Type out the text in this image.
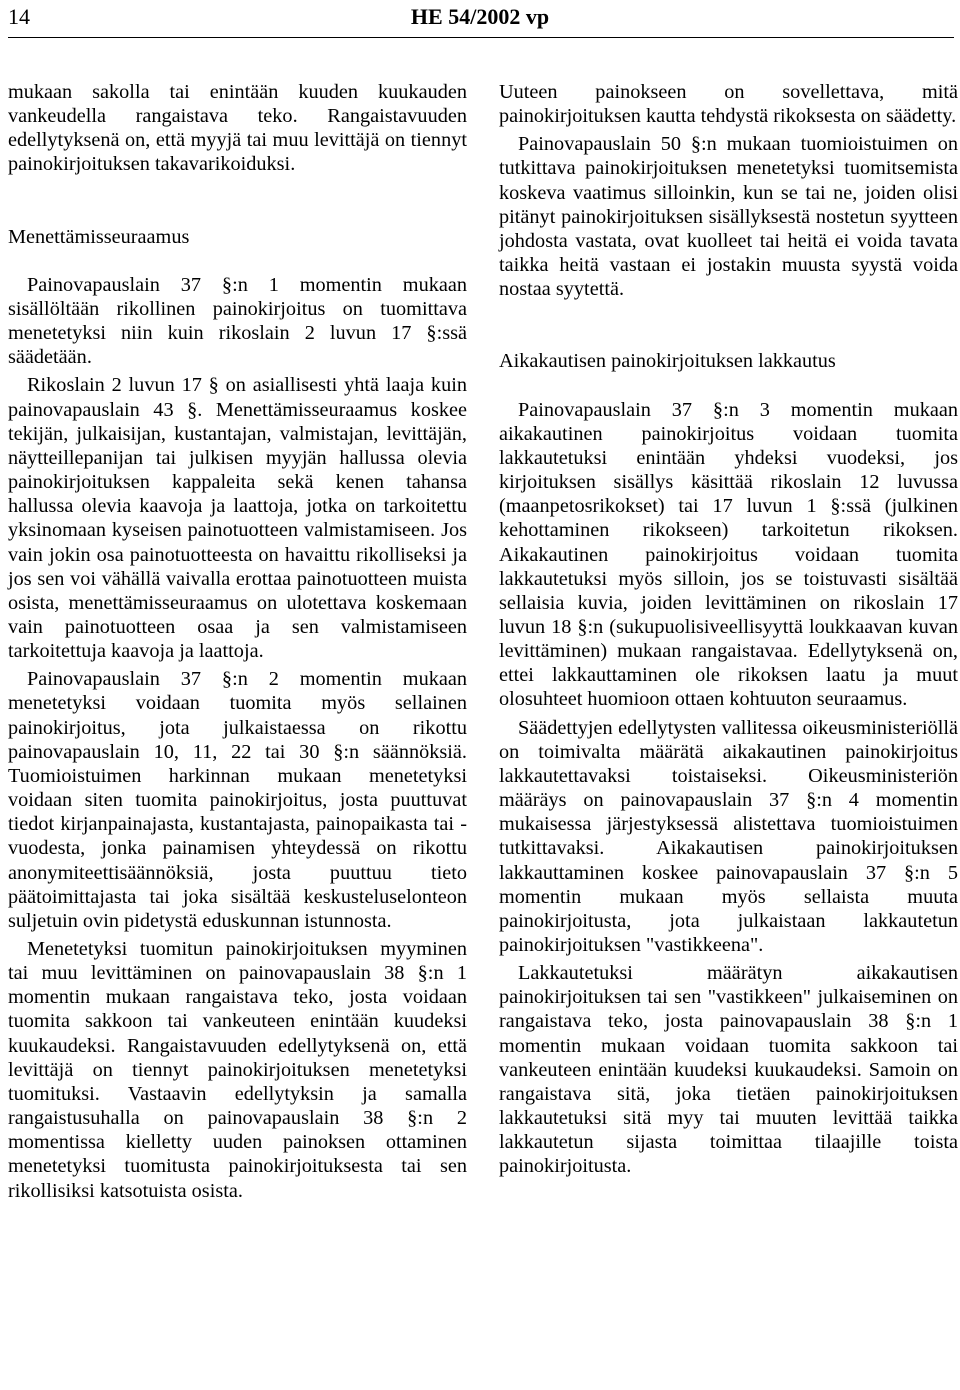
14	HE 54/2002 vp

mukaan sakolla tai enintään kuuden kuukauden vankeudella rangaistava teko. Rangaistavuuden edellytyksenä on, että myyjä tai muu levittäjä on tiennyt painokirjoituksen takavarikoiduksi.

Menettämisseuraamus

Painovapauslain 37 §:n 1 momentin mukaan sisällöltään rikollinen painokirjoitus on tuomittava menetetyksi niin kuin rikoslain 2 luvun 17 §:ssä säädetään.

Rikoslain 2 luvun 17 § on asiallisesti yhtä laaja kuin painovapauslain 43 §. Menettämisseuraamus koskee tekijän, julkaisijan, kustantajan, valmistajan, levittäjän, näytteillepanijan tai julkisen myyjän hallussa olevia painokirjoituksen kappaleita sekä kenen tahansa hallussa olevia kaavoja ja laattoja, jotka on tarkoitettu yksinomaan kyseisen painotuotteen valmistamiseen. Jos vain jokin osa painotuotteesta on havaittu rikolliseksi ja jos sen voi vähällä vaivalla erottaa painotuotteen muista osista, menettämisseuraamus on ulotettava koskemaan vain painotuotteen osaa ja sen valmistamiseen tarkoitettuja kaavoja ja laattoja.

Painovapauslain 37 §:n 2 momentin mukaan menetetyksi voidaan tuomita myös sellainen painokirjoitus, jota julkaistaessa on rikottu painovapauslain 10, 11, 22 tai 30 §:n säännöksiä. Tuomioistuimen harkinnan mukaan menetetyksi voidaan siten tuomita painokirjoitus, josta puuttuvat tiedot kirjanpainajasta, kustantajasta, painopaikasta tai -vuodesta, jonka painamisen yhteydessä on rikottu anonymiteettisäännöksiä, josta puuttuu tieto päätoimittajasta tai joka sisältää keskusteluselonteon suljetuin ovin pidetystä eduskunnan istunnosta.

Menetetyksi tuomitun painokirjoituksen myyminen tai muu levittäminen on painovapauslain 38 §:n 1 momentin mukaan rangaistava teko, josta voidaan tuomita sakkoon tai vankeuteen enintään kuudeksi kuukaudeksi. Rangaistavuuden edellytyksenä on, että levittäjä on tiennyt painokirjoituksen menetetyksi tuomituksi. Vastaavin edellytyksin ja samalla rangaistusuhalla on painovapauslain 38 §:n 2 momentissa kielletty uuden painoksen ottaminen menetetyksi tuomitusta painokirjoituksesta tai sen rikollisiksi katsotuista osista.

Uuteen painokseen on sovellettava, mitä painokirjoituksen kautta tehdystä rikoksesta on säädetty.

Painovapauslain 50 §:n mukaan tuomioistuimen on tutkittava painokirjoituksen menetetyksi tuomitsemista koskeva vaatimus silloinkin, kun se tai ne, joiden olisi pitänyt painokirjoituksen sisällyksestä nostetun syytteen johdosta vastata, ovat kuolleet tai heitä ei voida tavata taikka heitä vastaan ei jostakin muusta syystä voida nostaa syytettä.

Aikakautisen painokirjoituksen lakkautus

Painovapauslain 37 §:n 3 momentin mukaan aikakautinen painokirjoitus voidaan tuomita lakkautetuksi enintään yhdeksi vuodeksi, jos kirjoituksen sisällys käsittää rikoslain 12 luvussa (maanpetosrikokset) tai 17 luvun 1 §:ssä (julkinen kehottaminen rikokseen) tarkoitetun rikoksen. Aikakautinen painokirjoitus voidaan tuomita lakkautetuksi myös silloin, jos se toistuvasti sisältää sellaisia kuvia, joiden levittäminen on rikoslain 17 luvun 18 §:n (sukupuolisiveellisyyttä loukkaavan kuvan levittäminen) mukaan rangaistavaa. Edellytyksenä on, ettei lakkauttaminen ole rikoksen laatu ja muut olosuhteet huomioon ottaen kohtuuton seuraamus.

Säädettyjen edellytysten vallitessa oikeusministeriöllä on toimivalta määrätä aikakautinen painokirjoitus lakkautettavaksi toistaiseksi. Oikeusministeriön määräys on painovapauslain 37 §:n 4 momentin mukaisessa järjestyksessä alistettava tuomioistuimen tutkittavaksi. Aikakautisen painokirjoituksen lakkauttaminen koskee painovapauslain 37 §:n 5 momentin mukaan myös sellaista muuta painokirjoitusta, jota julkaistaan lakkautetun painokirjoituksen "vastikkeena".

Lakkautetuksi määrätyn aikakautisen painokirjoituksen tai sen "vastikkeen" julkaiseminen on rangaistava teko, josta painovapauslain 38 §:n 1 momentin mukaan voidaan tuomita sakkoon tai vankeuteen enintään kuudeksi kuukaudeksi. Samoin on rangaistava sitä, joka tietäen painokirjoituksen lakkautetuksi sitä myy tai muuten levittää taikka lakkautetun sijasta toimittaa tilaajille toista painokirjoitusta.
